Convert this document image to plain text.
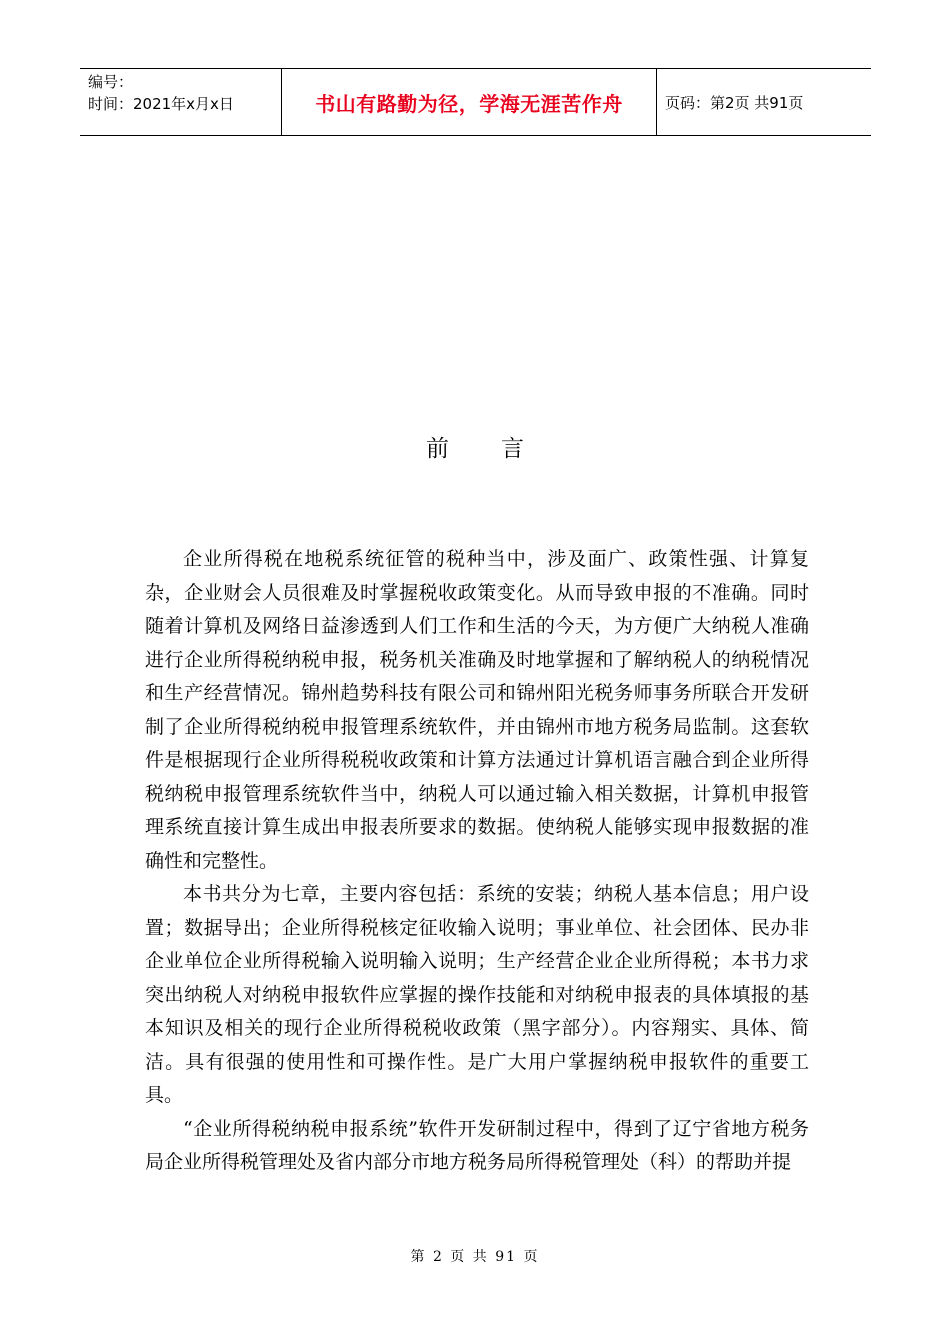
编号：
时间：2021年x月x日	书山有路勤为径，学海无涯苦作舟	页码：第2页 共91页
前言

企业所得税在地税系统征管的税种当中，涉及面广、政策性强、计算复杂，企业财会人员很难及时掌握税收政策变化。从而导致申报的不准确。同时随着计算机及网络日益渗透到人们工作和生活的今天，为方便广大纳税人准确进行企业所得税纳税申报，税务机关准确及时地掌握和了解纳税人的纳税情况和生产经营情况。锦州趋势科技有限公司和锦州阳光税务师事务所联合开发研制了企业所得税纳税申报管理系统软件，并由锦州市地方税务局监制。这套软件是根据现行企业所得税税收政策和计算方法通过计算机语言融合到企业所得税纳税申报管理系统软件当中，纳税人可以通过输入相关数据，计算机申报管理系统直接计算生成出申报表所要求的数据。使纳税人能够实现申报数据的准确性和完整性。

本书共分为七章，主要内容包括：系统的安装；纳税人基本信息；用户设置；数据导出；企业所得税核定征收输入说明；事业单位、社会团体、民办非企业单位企业所得税输入说明输入说明；生产经营企业企业所得税；本书力求突出纳税人对纳税申报软件应掌握的操作技能和对纳税申报表的具体填报的基本知识及相关的现行企业所得税税收政策（黑字部分）。内容翔实、具体、简洁。具有很强的使用性和可操作性。是广大用户掌握纳税申报软件的重要工具。

“企业所得税纳税申报系统”软件开发研制过程中，得到了辽宁省地方税务局企业所得税管理处及省内部分市地方税务局所得税管理处（科）的帮助并提

第 2 页 共 91 页
